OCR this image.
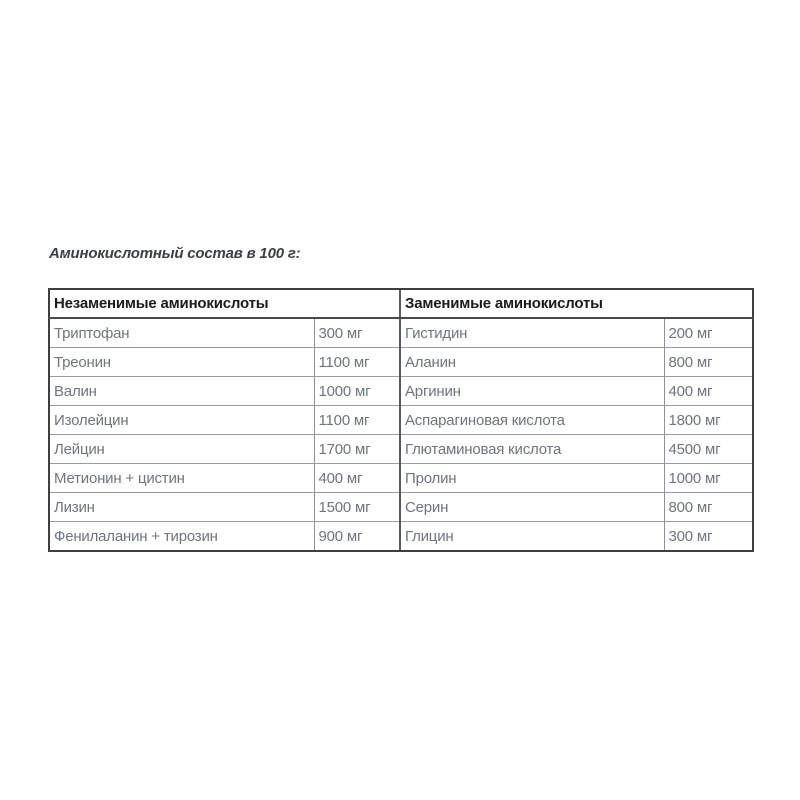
Аминокислотный состав в 100 г:
Незаменимые аминокислоты		Заменимые аминокислоты	
Триптофан	300 мг	Гистидин	200 мг
Треонин	1100 мг	Аланин	800 мг
Валин	1000 мг	Аргинин	400 мг
Изолейцин	1100 мг	Аспарагиновая кислота	1800 мг
Лейцин	1700 мг	Глютаминовая кислота	4500 мг
Метионин + цистин	400 мг	Пролин	1000 мг
Лизин	1500 мг	Серин	800 мг
Фенилаланин + тирозин	900 мг	Глицин	300 мг
